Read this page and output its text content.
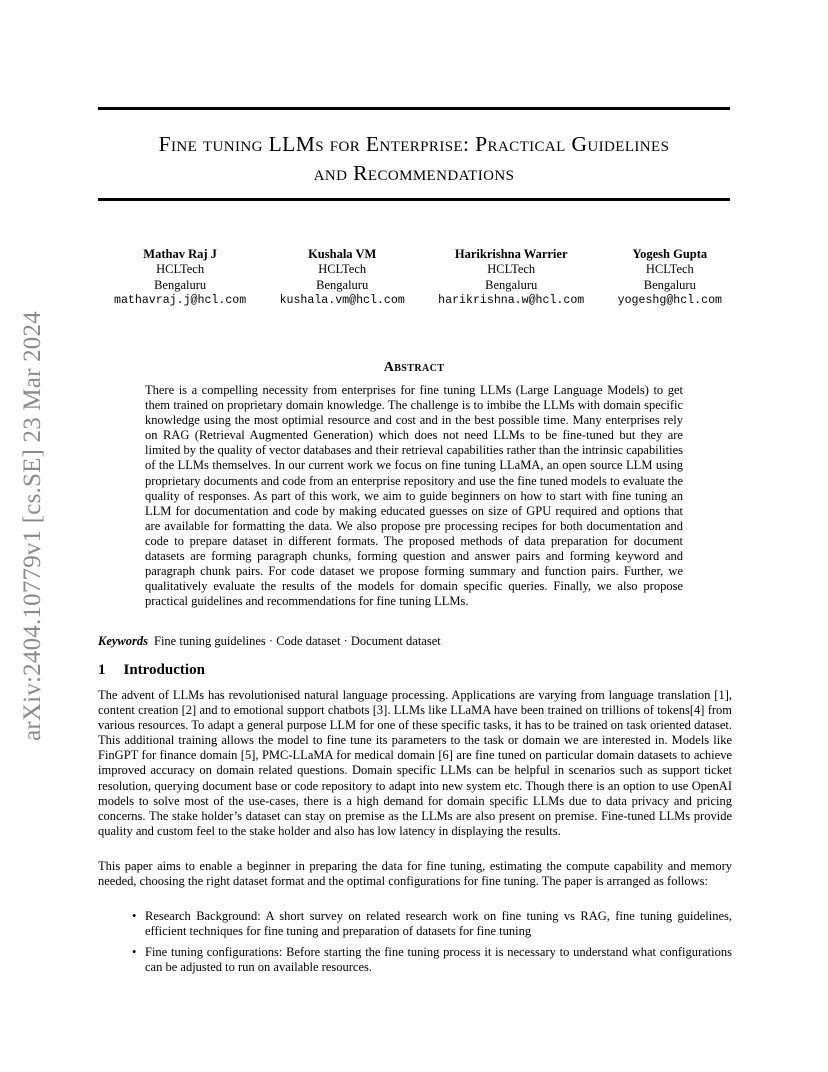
arXiv:2404.10779v1 [cs.SE] 23 Mar 2024
Fine tuning LLMs for Enterprise: Practical Guidelines
and Recommendations
Mathav Raj J
HCLTech
Bengaluru
mathavraj.j@hcl.com
Kushala VM
HCLTech
Bengaluru
kushala.vm@hcl.com
Harikrishna Warrier
HCLTech
Bengaluru
harikrishna.w@hcl.com
Yogesh Gupta
HCLTech
Bengaluru
yogeshg@hcl.com
Abstract

There is a compelling necessity from enterprises for fine tuning LLMs (Large Language Models) to get them trained on proprietary domain knowledge. The challenge is to imbibe the LLMs with domain specific knowledge using the most optimial resource and cost and in the best possible time. Many enterprises rely on RAG (Retrieval Augmented Generation) which does not need LLMs to be fine-tuned but they are limited by the quality of vector databases and their retrieval capabilities rather than the intrinsic capabilities of the LLMs themselves. In our current work we focus on fine tuning LLaMA, an open source LLM using proprietary documents and code from an enterprise repository and use the fine tuned models to evaluate the quality of responses. As part of this work, we aim to guide beginners on how to start with fine tuning an LLM for documentation and code by making educated guesses on size of GPU required and options that are available for formatting the data. We also propose pre processing recipes for both documentation and code to prepare dataset in different formats. The proposed methods of data preparation for document datasets are forming paragraph chunks, forming question and answer pairs and forming keyword and paragraph chunk pairs. For code dataset we propose forming summary and function pairs. Further, we qualitatively evaluate the results of the models for domain specific queries. Finally, we also propose practical guidelines and recommendations for fine tuning LLMs.

Keywords Fine tuning guidelines · Code dataset · Document dataset

1 Introduction

The advent of LLMs has revolutionised natural language processing. Applications are varying from language translation [1], content creation [2] and to emotional support chatbots [3]. LLMs like LLaMA have been trained on trillions of tokens[4] from various resources. To adapt a general purpose LLM for one of these specific tasks, it has to be trained on task oriented dataset. This additional training allows the model to fine tune its parameters to the task or domain we are interested in. Models like FinGPT for finance domain [5], PMC-LLaMA for medical domain [6] are fine tuned on particular domain datasets to achieve improved accuracy on domain related questions. Domain specific LLMs can be helpful in scenarios such as support ticket resolution, querying document base or code repository to adapt into new system etc. Though there is an option to use OpenAI models to solve most of the use-cases, there is a high demand for domain specific LLMs due to data privacy and pricing concerns. The stake holder’s dataset can stay on premise as the LLMs are also present on premise. Fine-tuned LLMs provide quality and custom feel to the stake holder and also has low latency in displaying the results.

This paper aims to enable a beginner in preparing the data for fine tuning, estimating the compute capability and memory needed, choosing the right dataset format and the optimal configurations for fine tuning. The paper is arranged as follows:

• Research Background: A short survey on related research work on fine tuning vs RAG, fine tuning guidelines, efficient techniques for fine tuning and preparation of datasets for fine tuning
• Fine tuning configurations: Before starting the fine tuning process it is necessary to understand what configurations can be adjusted to run on available resources.
